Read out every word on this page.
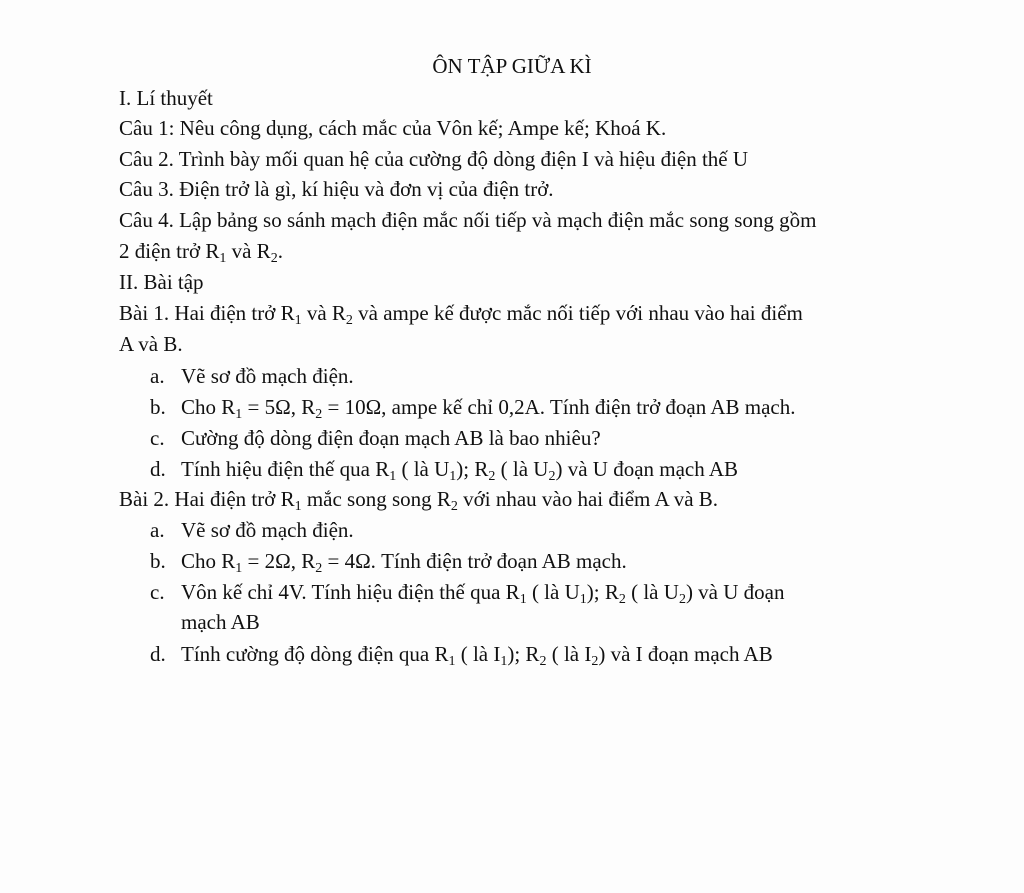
ÔN TẬP GIỮA KÌ
I. Lí thuyết
Câu 1: Nêu công dụng, cách mắc của Vôn kế; Ampe kế; Khoá K.
Câu 2. Trình bày mối quan hệ của cường độ dòng điện I và hiệu điện thế U
Câu 3. Điện trở là gì, kí hiệu và đơn vị của điện trở.
Câu 4. Lập bảng so sánh mạch điện mắc nối tiếp và mạch điện mắc song song gồm
2 điện trở $R_1$ và $R_2$.
II. Bài tập
Bài 1. Hai điện trở $R_1$ và $R_2$ và ampe kế được mắc nối tiếp với nhau vào hai điểm
A và B.
a. Vẽ sơ đồ mạch điện.
b. Cho $R_1 = 5\Omega$, $R_2 = 10\Omega$, ampe kế chỉ 0,2A. Tính điện trở đoạn AB mạch.
c. Cường độ dòng điện đoạn mạch AB là bao nhiêu?
d. Tính hiệu điện thế qua $R_1$ ( là $U_1$); $R_2$ ( là $U_2$) và U đoạn mạch AB
Bài 2. Hai điện trở $R_1$ mắc song song $R_2$ với nhau vào hai điểm A và B.
a. Vẽ sơ đồ mạch điện.
b. Cho $R_1 = 2\Omega$, $R_2 = 4\Omega$. Tính điện trở đoạn AB mạch.
c. Vôn kế chỉ 4V. Tính hiệu điện thế qua $R_1$ ( là $U_1$); $R_2$ ( là $U_2$) và U đoạn
mạch AB
d. Tính cường độ dòng điện qua $R_1$ ( là $I_1$); $R_2$ ( là $I_2$) và I đoạn mạch AB
